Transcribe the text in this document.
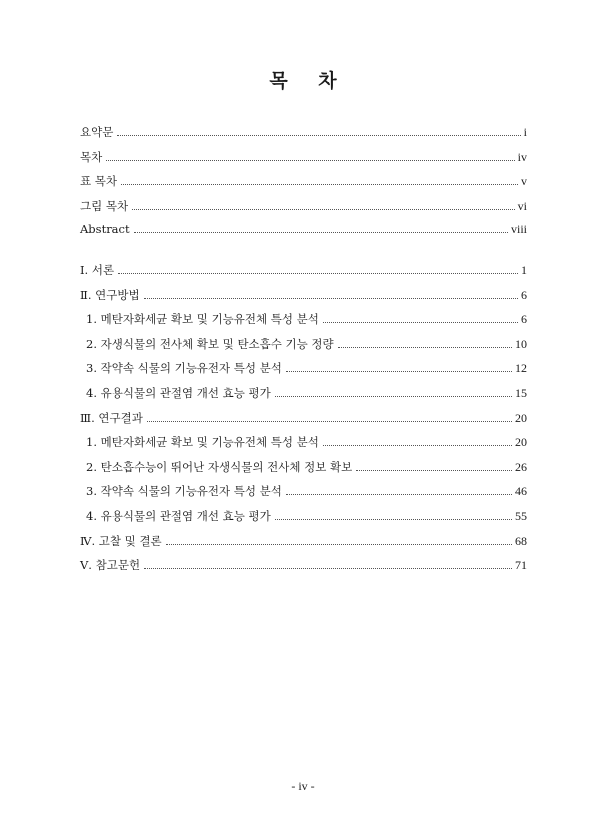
목 차
요약문	i
목차	iv
표 목차	v
그림 목차	vi
Abstract	viii
Ⅰ. 서론	1
Ⅱ. 연구방법	6
1. 메탄자화세균 확보 및 기능유전체 특성 분석	6
2. 자생식물의 전사체 확보 및 탄소흡수 기능 정량	10
3. 작약속 식물의 기능유전자 특성 분석	12
4. 유용식물의 관절염 개선 효능 평가	15
Ⅲ. 연구결과	20
1. 메탄자화세균 확보 및 기능유전체 특성 분석	20
2. 탄소흡수능이 뛰어난 자생식물의 전사체 정보 확보	26
3. 작약속 식물의 기능유전자 특성 분석	46
4. 유용식물의 관절염 개선 효능 평가	55
Ⅳ. 고찰 및 결론	68
Ⅴ. 참고문헌	71
- iv -
